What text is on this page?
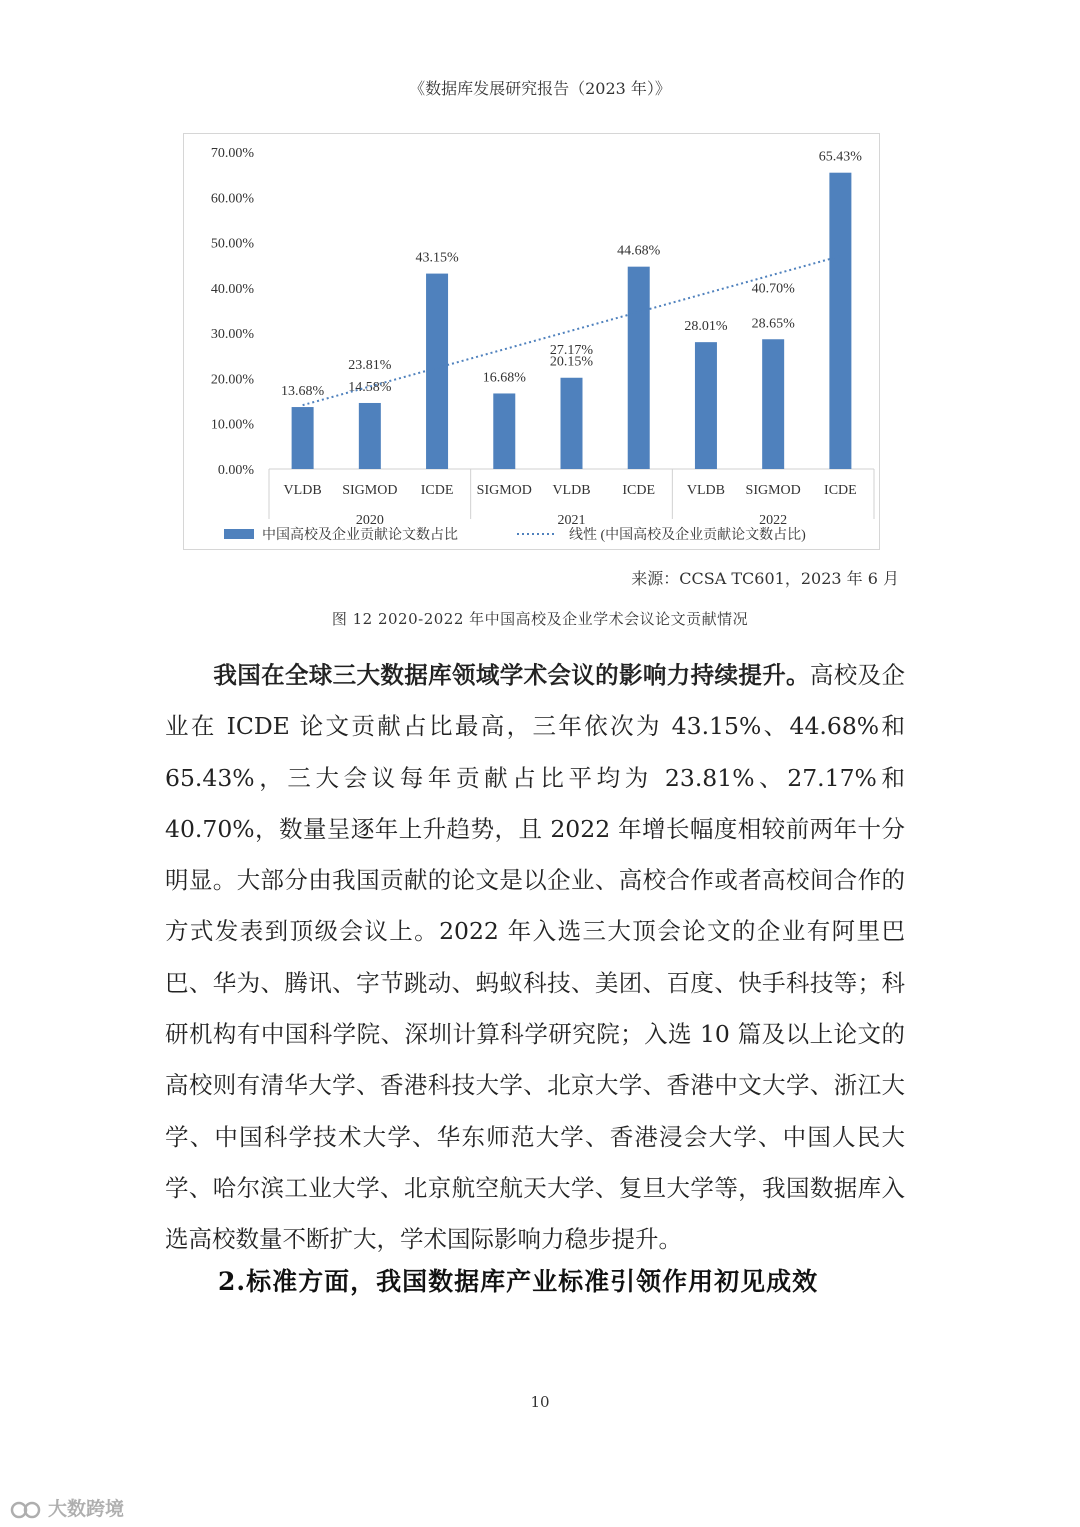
《数据库发展研究报告（2023 年）》
0.00%
10.00%
20.00%
30.00%
40.00%
50.00%
60.00%
70.00%
13.68%
VLDB
14.58%
SIGMOD
43.15%
ICDE
23.81%
2020
16.68%
SIGMOD
20.15%
VLDB
44.68%
ICDE
27.17%
2021
28.01%
VLDB
28.65%
SIGMOD
65.43%
ICDE
40.70%
2022
中国高校及企业贡献论文数占比	线性 (中国高校及企业贡献论文数占比)
来源：CCSA TC601，2023 年 6 月
图 12 2020-2022 年中国高校及企业学术会议论文贡献情况
我国在全球三大数据库领域学术会议的影响力持续提升。高校及企业在 ICDE 论文贡献占比最高，三年依次为 43.15%、44.68%和 65.43%，三大会议每年贡献占比平均为 23.81%、27.17%和 40.70%，数量呈逐年上升趋势，且 2022 年增长幅度相较前两年十分明显。大部分由我国贡献的论文是以企业、高校合作或者高校间合作的方式发表到顶级会议上。2022 年入选三大顶会论文的企业有阿里巴巴、华为、腾讯、字节跳动、蚂蚁科技、美团、百度、快手科技等；科研机构有中国科学院、深圳计算科学研究院；入选 10 篇及以上论文的高校则有清华大学、香港科技大学、北京大学、香港中文大学、浙江大学、中国科学技术大学、华东师范大学、香港浸会大学、中国人民大学、哈尔滨工业大学、北京航空航天大学、复旦大学等，我国数据库入选高校数量不断扩大，学术国际影响力稳步提升。
2.标准方面，我国数据库产业标准引领作用初见成效
10
大数跨境
